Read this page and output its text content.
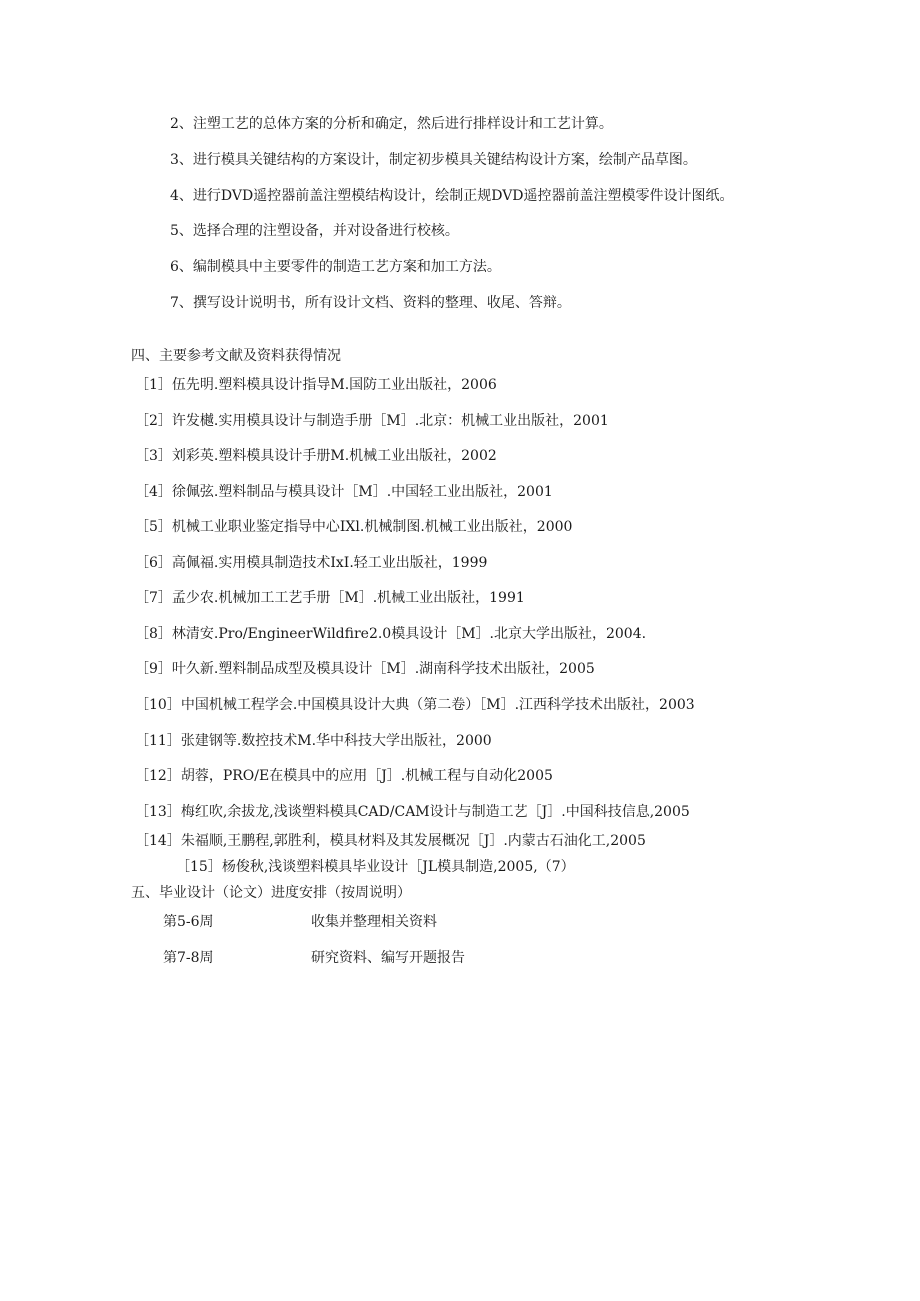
2、注塑工艺的总体方案的分析和确定，然后进行排样设计和工艺计算。
3、进行模具关键结构的方案设计，制定初步模具关键结构设计方案，绘制产品草图。
4、进行DVD遥控器前盖注塑模结构设计，绘制正规DVD遥控器前盖注塑模零件设计图纸。
5、选择合理的注塑设备，并对设备进行校核。
6、编制模具中主要零件的制造工艺方案和加工方法。
7、撰写设计说明书，所有设计文档、资料的整理、收尾、答辩。
四、主要参考文献及资料获得情况
［1］伍先明.塑料模具设计指导M.国防工业出版社，2006
［2］许发樾.实用模具设计与制造手册［M］.北京：机械工业出版社，2001
［3］刘彩英.塑料模具设计手册M.机械工业出版社，2002
［4］徐佩弦.塑料制品与模具设计［M］.中国轻工业出版社，2001
［5］机械工业职业鉴定指导中心IXl.机械制图.机械工业出版社，2000
［6］高佩福.实用模具制造技术IxI.轻工业出版社，1999
［7］孟少农.机械加工工艺手册［M］.机械工业出版社，1991
［8］林清安.Pro/EngineerWildfire2.0模具设计［M］.北京大学出版社，2004.
［9］叶久新.塑料制品成型及模具设计［M］.湖南科学技术出版社，2005
［10］中国机械工程学会.中国模具设计大典（第二卷）［M］.江西科学技术出版社，2003
［11］张建钢等.数控技术M.华中科技大学出版社，2000
［12］胡蓉，PRO/E在模具中的应用［J］.机械工程与自动化2005
［13］梅红吹,余拔龙,浅谈塑料模具CAD/CAM设计与制造工艺［J］.中国科技信息,2005
［14］朱福顺,王鹏程,郭胜利，模具材料及其发展概况［J］.内蒙古石油化工,2005
［15］杨俊秋,浅谈塑料模具毕业设计［JL模具制造,2005,（7）
五、毕业设计（论文）进度安排（按周说明）
第5-6周	收集并整理相关资料
第7-8周	研究资料、编写开题报告
